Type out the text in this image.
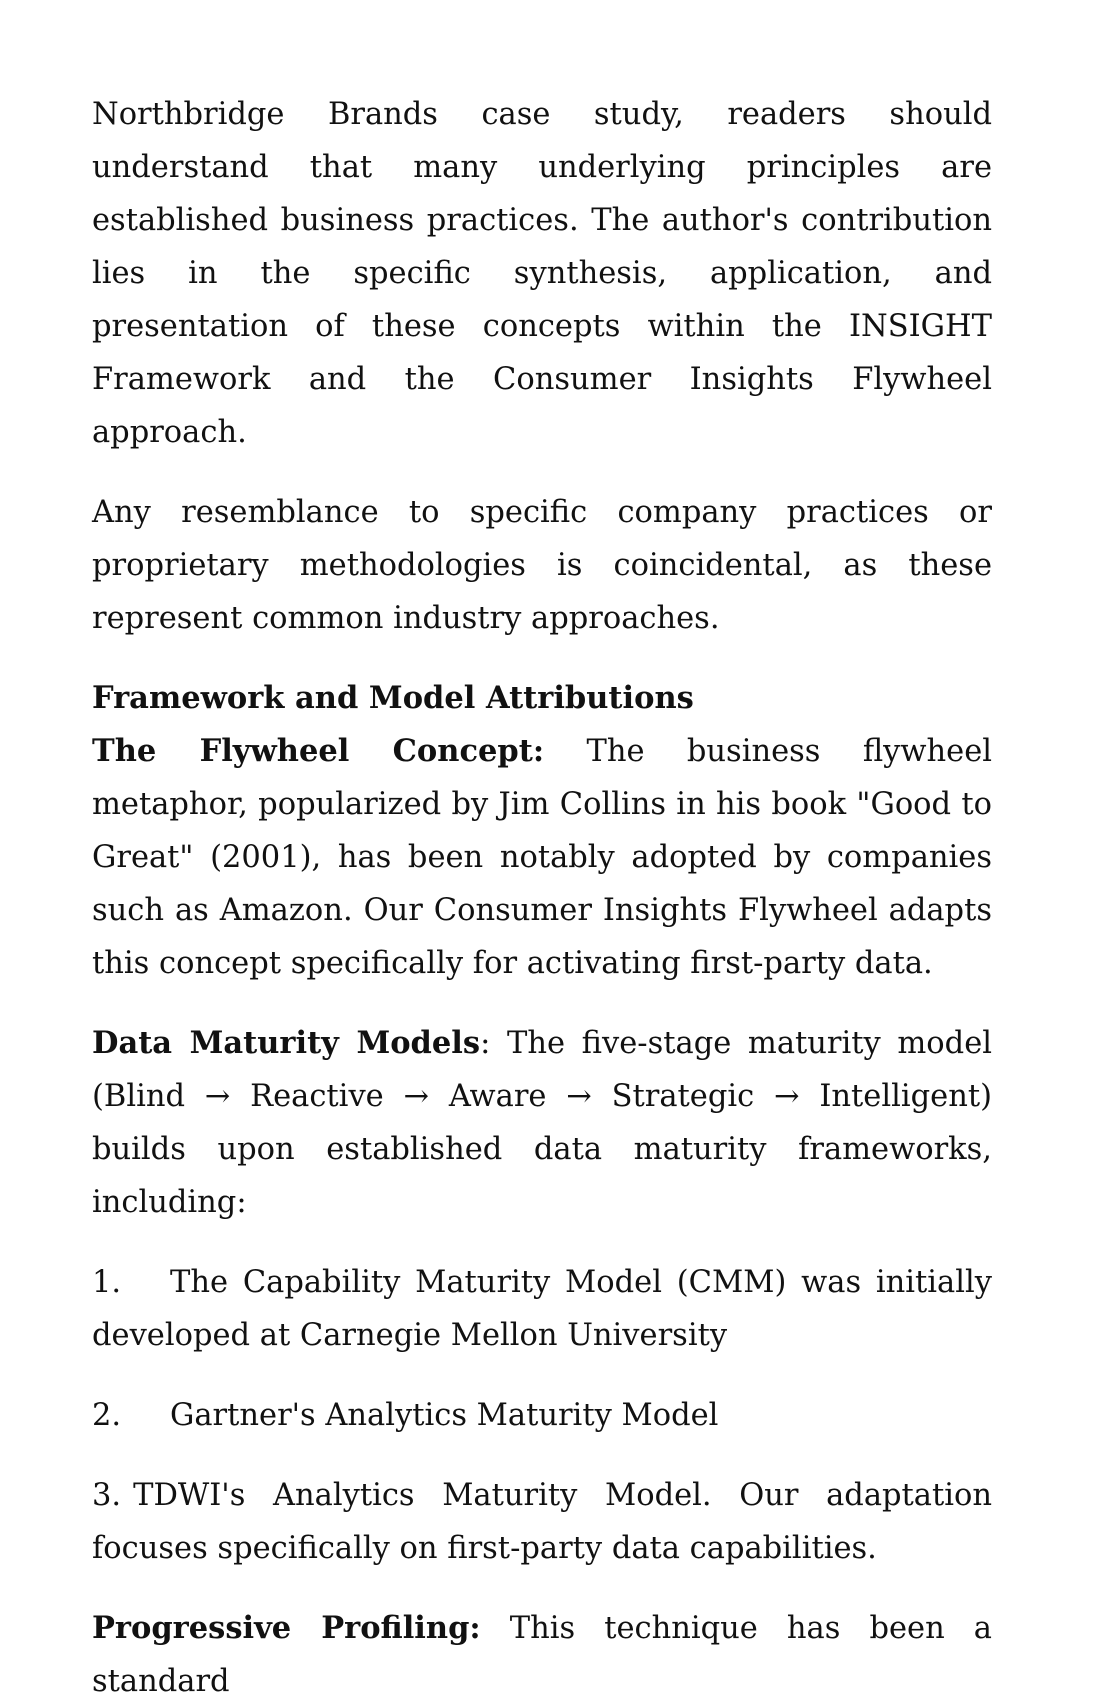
Northbridge Brands case study, readers should understand that many underlying principles are established business practices. The author's contribution lies in the specific synthesis, application, and presentation of these concepts within the INSIGHT Framework and the Consumer Insights Flywheel approach.

Any resemblance to specific company practices or proprietary methodologies is coincidental, as these represent common industry approaches.

Framework and Model Attributions

The Flywheel Concept: The business flywheel metaphor, popularized by Jim Collins in his book "Good to Great" (2001), has been notably adopted by companies such as Amazon. Our Consumer Insights Flywheel adapts this concept specifically for activating first-party data.

Data Maturity Models: The five-stage maturity model (Blind → Reactive → Aware → Strategic → Intelligent) builds upon established data maturity frameworks, including:

1. The Capability Maturity Model (CMM) was initially developed at Carnegie Mellon University
2. Gartner's Analytics Maturity Model
3. TDWI's Analytics Maturity Model. Our adaptation focuses specifically on first-party data capabilities.

Progressive Profiling: This technique has been a standard
